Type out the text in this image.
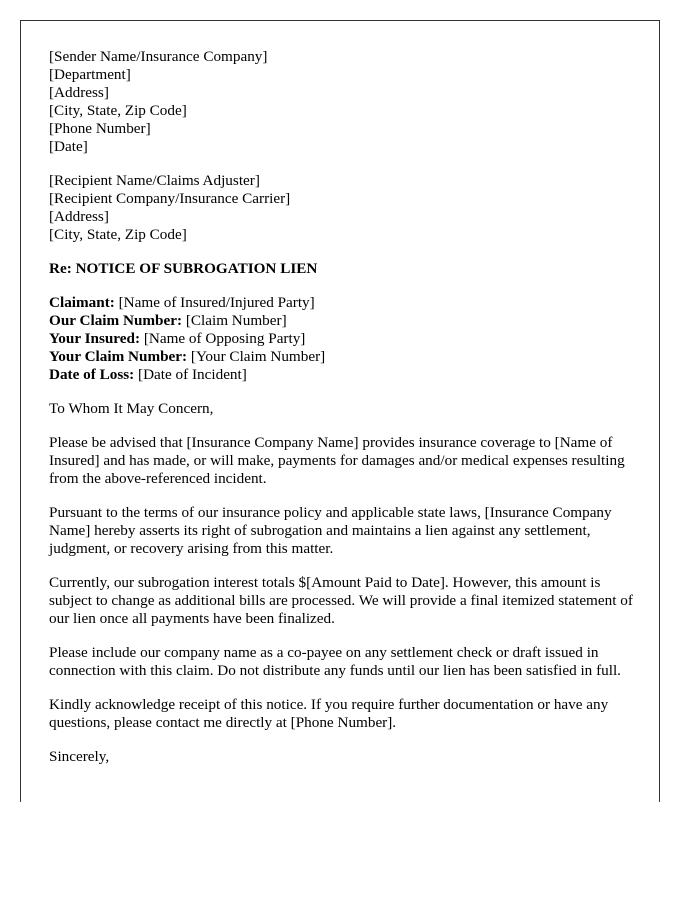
[Sender Name/Insurance Company]
[Department]
[Address]
[City, State, Zip Code]
[Phone Number]
[Date]
[Recipient Name/Claims Adjuster]
[Recipient Company/Insurance Carrier]
[Address]
[City, State, Zip Code]
Re: NOTICE OF SUBROGATION LIEN
Claimant: [Name of Insured/Injured Party]
Our Claim Number: [Claim Number]
Your Insured: [Name of Opposing Party]
Your Claim Number: [Your Claim Number]
Date of Loss: [Date of Incident]

To Whom It May Concern,

Please be advised that [Insurance Company Name] provides insurance coverage to [Name of Insured] and has made, or will make, payments for damages and/or medical expenses resulting from the above-referenced incident.

Pursuant to the terms of our insurance policy and applicable state laws, [Insurance Company Name] hereby asserts its right of subrogation and maintains a lien against any settlement, judgment, or recovery arising from this matter.

Currently, our subrogation interest totals $[Amount Paid to Date]. However, this amount is subject to change as additional bills are processed. We will provide a final itemized statement of our lien once all payments have been finalized.

Please include our company name as a co-payee on any settlement check or draft issued in connection with this claim. Do not distribute any funds until our lien has been satisfied in full.

Kindly acknowledge receipt of this notice. If you require further documentation or have any questions, please contact me directly at [Phone Number].

Sincerely,
